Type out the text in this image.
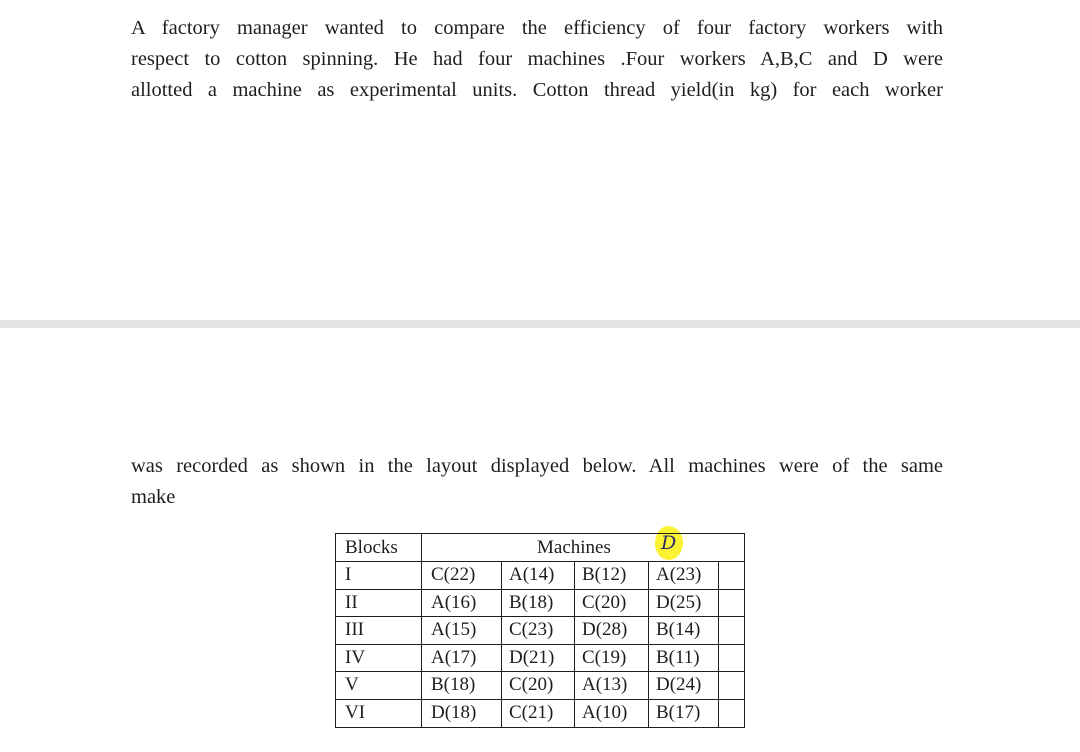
A factory manager wanted to compare the efficiency of four factory workers with
respect to cotton spinning. He had four machines .Four workers A,B,C and D were
allotted a machine as experimental units. Cotton thread yield(in kg) for each worker
was recorded as shown in the layout displayed below. All machines were of the same
make
Blocks	Machines
I	C(22) A(14) B(12) A(23)
II	A(16) B(18) C(20) D(25)
III	A(15) C(23) D(28) B(14)
IV	A(17) D(21) C(19) B(11)
V	B(18) C(20) A(13) D(24)
VI	D(18) C(21) A(10) B(17)
D
